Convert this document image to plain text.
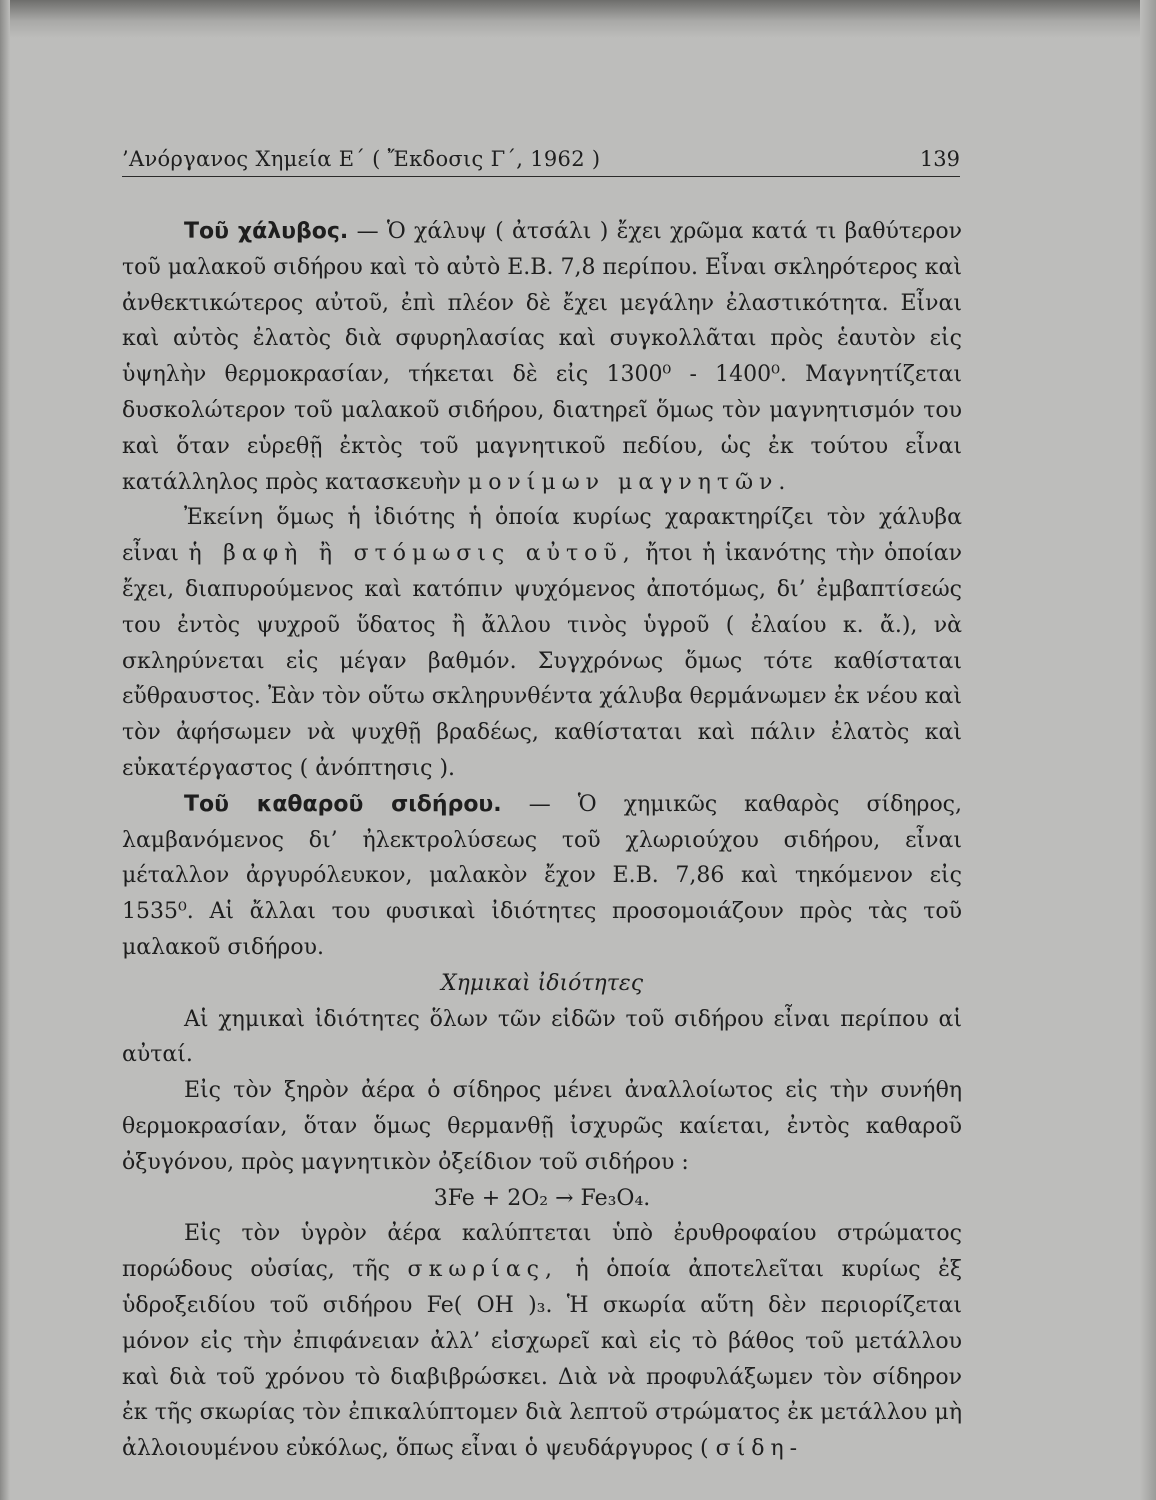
’Ανόργανος Χημεία Ε΄ ( Ἔκδοσις Γ΄, 1962 )	139

Τοῦ χάλυβος. — Ὁ χάλυψ ( ἀτσάλι ) ἔχει χρῶμα κατά τι βαθύτερον τοῦ μαλακοῦ σιδήρου καὶ τὸ αὐτὸ Ε.Β. 7,8 περίπου. Εἶναι σκληρότερος καὶ ἀνθεκτικώτερος αὐτοῦ, ἐπὶ πλέον δὲ ἔχει μεγάλην ἐλαστικότητα. Εἶναι καὶ αὐτὸς ἐλατὸς διὰ σφυρηλασίας καὶ συγκολλᾶται πρὸς ἑαυτὸν εἰς ὑψηλὴν θερμοκρασίαν, τήκεται δὲ εἰς 1300⁰ - 1400⁰. Μαγνητίζεται δυσκολώτερον τοῦ μαλακοῦ σιδήρου, διατηρεῖ ὅμως τὸν μαγνητισμόν του καὶ ὅταν εὑρεθῇ ἐκτὸς τοῦ μαγνητικοῦ πεδίου, ὡς ἐκ τούτου εἶναι κατάλληλος πρὸς κατασκευὴν μονίμων μαγνητῶν.

Ἐκείνη ὅμως ἡ ἰδιότης ἡ ὁποία κυρίως χαρακτηρίζει τὸν χάλυβα εἶναι ἡ βαφὴ ἢ στόμωσις αὐτοῦ, ἤτοι ἡ ἱκανότης τὴν ὁποίαν ἔχει, διαπυρούμενος καὶ κατόπιν ψυχόμενος ἀποτόμως, δι’ ἐμβαπτίσεώς του ἐντὸς ψυχροῦ ὕδατος ἢ ἄλλου τινὸς ὑγροῦ ( ἐλαίου κ. ἄ.), νὰ σκληρύνεται εἰς μέγαν βαθμόν. Συγχρόνως ὅμως τότε καθίσταται εὔθραυστος. Ἐὰν τὸν οὕτω σκληρυνθέντα χάλυβα θερμάνωμεν ἐκ νέου καὶ τὸν ἀφήσωμεν νὰ ψυχθῇ βραδέως, καθίσταται καὶ πάλιν ἐλατὸς καὶ εὐκατέργαστος ( ἀνόπτησις ).

Τοῦ καθαροῦ σιδήρου. — Ὁ χημικῶς καθαρὸς σίδηρος, λαμβανόμενος δι’ ἠλεκτρολύσεως τοῦ χλωριούχου σιδήρου, εἶναι μέταλλον ἀργυρόλευκον, μαλακὸν ἔχον Ε.Β. 7,86 καὶ τηκόμενον εἰς 1535⁰. Αἱ ἄλλαι του φυσικαὶ ἰδιότητες προσομοιάζουν πρὸς τὰς τοῦ μαλακοῦ σιδήρου.

Χημικαὶ ἰδιότητες

Αἱ χημικαὶ ἰδιότητες ὅλων τῶν εἰδῶν τοῦ σιδήρου εἶναι περίπου αἱ αὐταί.

Εἰς τὸν ξηρὸν ἀέρα ὁ σίδηρος μένει ἀναλλοίωτος εἰς τὴν συνήθη θερμοκρασίαν, ὅταν ὅμως θερμανθῇ ἰσχυρῶς καίεται, ἐντὸς καθαροῦ ὀξυγόνου, πρὸς μαγνητικὸν ὀξείδιον τοῦ σιδήρου :

3Fe + 2O₂ → Fe₃O₄.

Εἰς τὸν ὑγρὸν ἀέρα καλύπτεται ὑπὸ ἐρυθροφαίου στρώματος πορώδους οὐσίας, τῆς σκωρίας, ἡ ὁποία ἀποτελεῖται κυρίως ἐξ ὑδροξειδίου τοῦ σιδήρου Fe( OH )₃. Ἡ σκωρία αὕτη δὲν περιορίζεται μόνον εἰς τὴν ἐπιφάνειαν ἀλλ’ εἰσχωρεῖ καὶ εἰς τὸ βάθος τοῦ μετάλλου καὶ διὰ τοῦ χρόνου τὸ διαβιβρώσκει. Διὰ νὰ προφυλάξωμεν τὸν σίδηρον ἐκ τῆς σκωρίας τὸν ἐπικαλύπτομεν διὰ λεπτοῦ στρώματος ἐκ μετάλλου μὴ ἀλλοιουμένου εὐκόλως, ὅπως εἶναι ὁ ψευδάργυρος ( σίδη-
